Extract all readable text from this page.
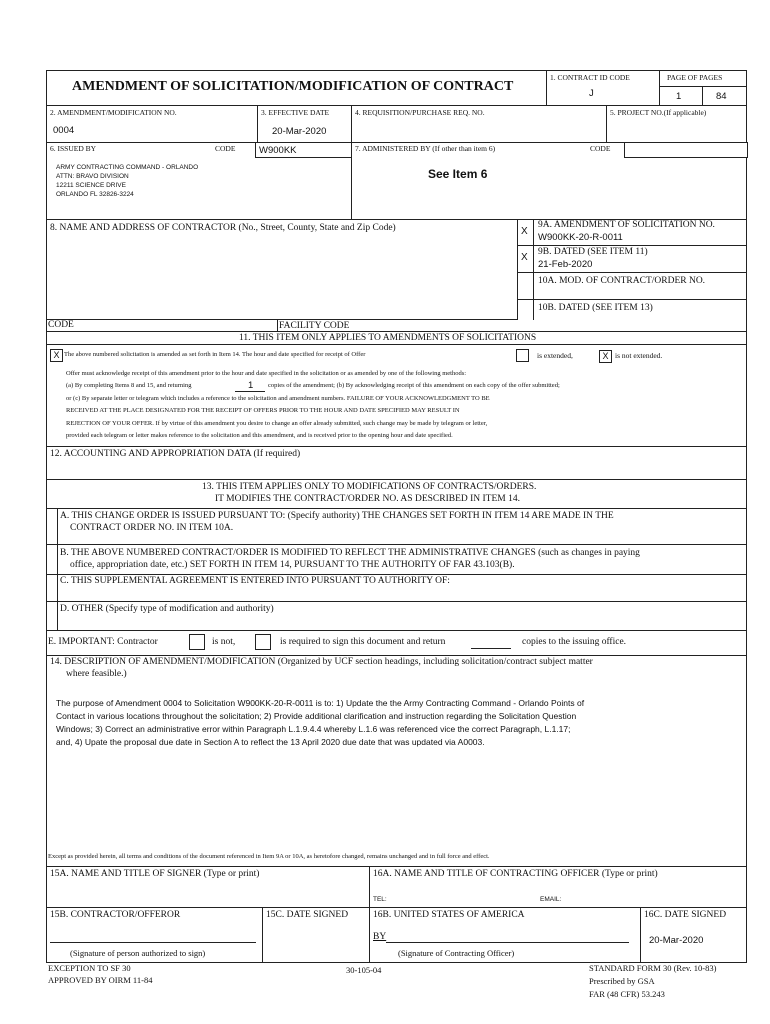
AMENDMENT OF SOLICITATION/MODIFICATION OF CONTRACT
1. CONTRACT ID CODE
J
PAGE OF PAGES
1	84
2. AMENDMENT/MODIFICATION NO.
0004
3. EFFECTIVE DATE
20-Mar-2020
4. REQUISITION/PURCHASE REQ. NO.	5. PROJECT NO.(If applicable)
6. ISSUED BY	CODE W900KK	7. ADMINISTERED BY (If other than item 6)	CODE
ARMY CONTRACTING COMMAND - ORLANDO
ATTN: BRAVO DIVISION
12211 SCIENCE DRIVE
ORLANDO FL 32826-3224
See Item 6
8. NAME AND ADDRESS OF CONTRACTOR (No., Street, County, State and Zip Code)	X
9A. AMENDMENT OF SOLICITATION NO.
W900KK-20-R-0011
X 9B. DATED (SEE ITEM 11)
21-Feb-2020
10A. MOD. OF CONTRACT/ORDER NO.
10B. DATED (SEE ITEM 13)
CODE	FACILITY CODE
11. THIS ITEM ONLY APPLIES TO AMENDMENTS OF SOLICITATIONS
X The above numbered solicitation is amended as set forth in Item 14. The hour and date specified for receipt of Offer	is extended,	X is not extended.
Offer must acknowledge receipt of this amendment prior to the hour and date specified in the solicitation or as amended by one of the following methods:
(a) By completing Items 8 and 15, and returning	1 copies of the amendment; (b) By acknowledging receipt of this amendment on each copy of the offer submitted;
or (c) By separate letter or telegram which includes a reference to the solicitation and amendment numbers. FAILURE OF YOUR ACKNOWLEDGMENT TO BE
RECEIVED AT THE PLACE DESIGNATED FOR THE RECEIPT OF OFFERS PRIOR TO THE HOUR AND DATE SPECIFIED MAY RESULT IN
REJECTION OF YOUR OFFER. If by virtue of this amendment you desire to change an offer already submitted, such change may be made by telegram or letter,
provided each telegram or letter makes reference to the solicitation and this amendment, and is received prior to the opening hour and date specified.
12. ACCOUNTING AND APPROPRIATION DATA (If required)
13. THIS ITEM APPLIES ONLY TO MODIFICATIONS OF CONTRACTS/ORDERS.
IT MODIFIES THE CONTRACT/ORDER NO. AS DESCRIBED IN ITEM 14.
A. THIS CHANGE ORDER IS ISSUED PURSUANT TO: (Specify authority) THE CHANGES SET FORTH IN ITEM 14 ARE MADE IN THE
CONTRACT ORDER NO. IN ITEM 10A.
B. THE ABOVE NUMBERED CONTRACT/ORDER IS MODIFIED TO REFLECT THE ADMINISTRATIVE CHANGES (such as changes in paying
office, appropriation date, etc.) SET FORTH IN ITEM 14, PURSUANT TO THE AUTHORITY OF FAR 43.103(B).
C. THIS SUPPLEMENTAL AGREEMENT IS ENTERED INTO PURSUANT TO AUTHORITY OF:
D. OTHER (Specify type of modification and authority)
E. IMPORTANT: Contractor	is not,	is required to sign this document and return	copies to the issuing office.
14. DESCRIPTION OF AMENDMENT/MODIFICATION (Organized by UCF section headings, including solicitation/contract subject matter
where feasible.)
The purpose of Amendment 0004 to Solicitation W900KK-20-R-0011 is to: 1) Update the the Army Contracting Command - Orlando Points of
Contact in various locations throughout the solicitation; 2) Provide additional clarification and instruction regarding the Solicitation Question
Windows; 3) Correct an administrative error within Paragraph L.1.9.4.4 whereby L.1.6 was referenced vice the correct Paragraph, L.1.17;
and, 4) Upate the proposal due date in Section A to reflect the 13 April 2020 due date that was updated via A0003.
Except as provided herein, all terms and conditions of the document referenced in Item 9A or 10A, as heretofore changed, remains unchanged and in full force and effect.
15A. NAME AND TITLE OF SIGNER (Type or print)	16A. NAME AND TITLE OF CONTRACTING OFFICER (Type or print)
TEL:	EMAIL:
15B. CONTRACTOR/OFFEROR	15C. DATE SIGNED	16B. UNITED STATES OF AMERICA	16C. DATE SIGNED
BY	20-Mar-2020
(Signature of person authorized to sign)	(Signature of Contracting Officer)
EXCEPTION TO SF 30
APPROVED BY OIRM 11-84
30-105-04	STANDARD FORM 30 (Rev. 10-83)
Prescribed by GSA
FAR (48 CFR) 53.243
